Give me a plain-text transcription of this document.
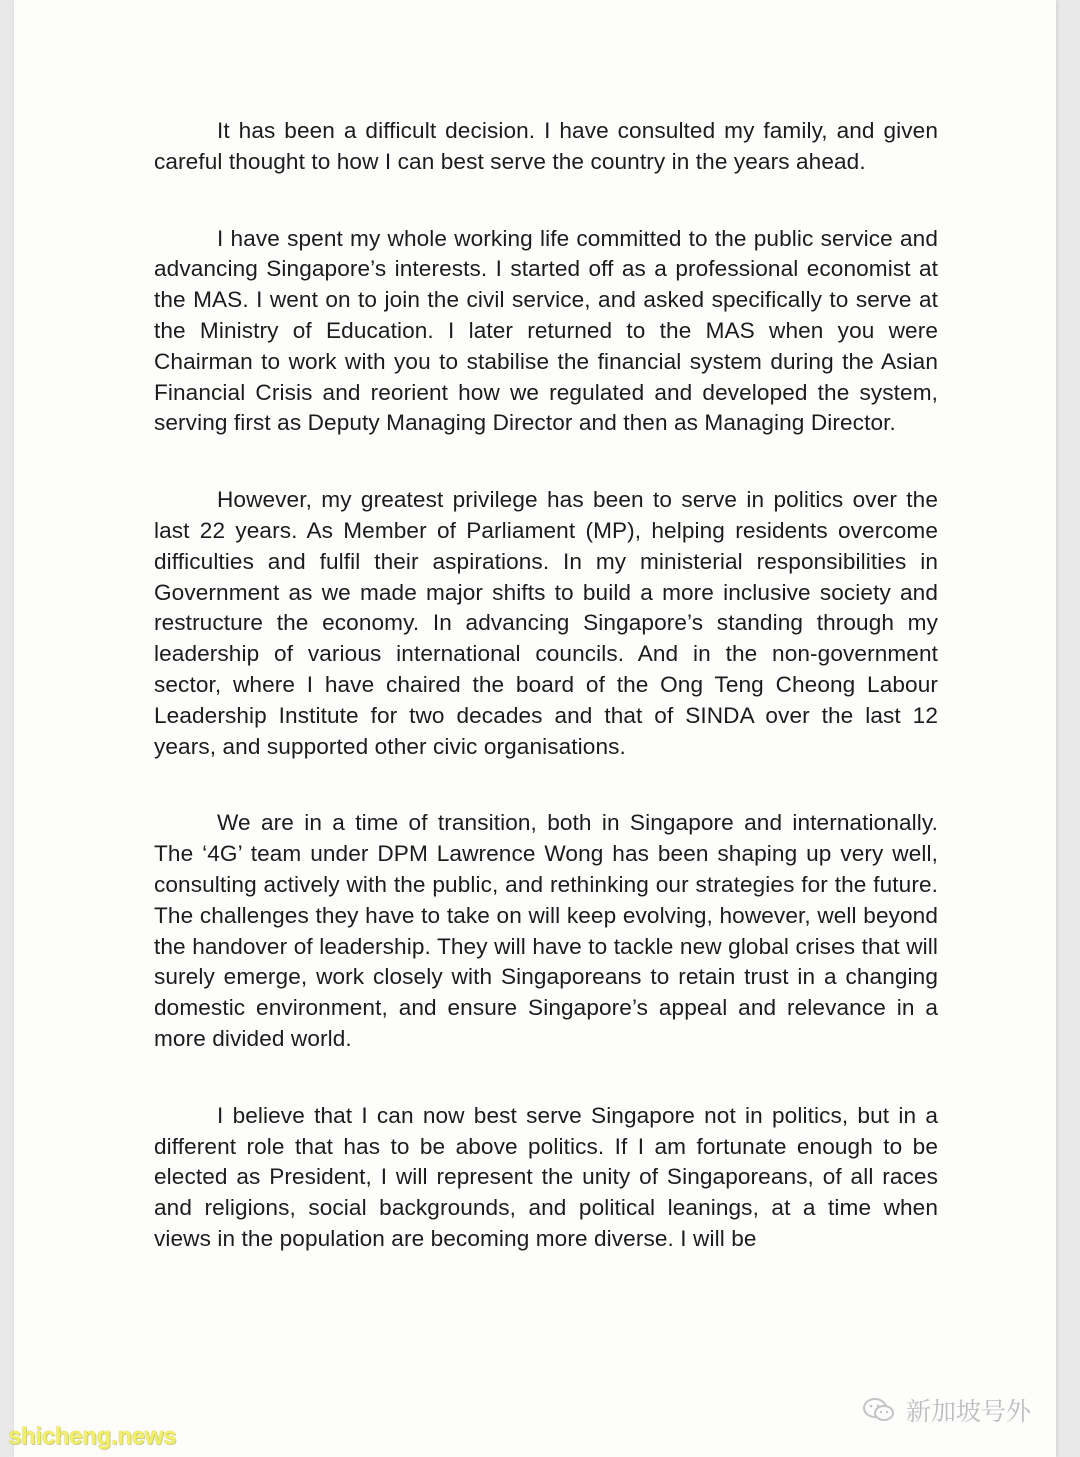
It has been a difficult decision. I have consulted my family, and given careful thought to how I can best serve the country in the years ahead.

I have spent my whole working life committed to the public service and advancing Singapore’s interests. I started off as a professional economist at the MAS. I went on to join the civil service, and asked specifically to serve at the Ministry of Education. I later returned to the MAS when you were Chairman to work with you to stabilise the financial system during the Asian Financial Crisis and reorient how we regulated and developed the system, serving first as Deputy Managing Director and then as Managing Director.

However, my greatest privilege has been to serve in politics over the last 22 years. As Member of Parliament (MP), helping residents overcome difficulties and fulfil their aspirations. In my ministerial responsibilities in Government as we made major shifts to build a more inclusive society and restructure the economy. In advancing Singapore’s standing through my leadership of various international councils. And in the non-government sector, where I have chaired the board of the Ong Teng Cheong Labour Leadership Institute for two decades and that of SINDA over the last 12 years, and supported other civic organisations.

We are in a time of transition, both in Singapore and internationally. The ‘4G’ team under DPM Lawrence Wong has been shaping up very well, consulting actively with the public, and rethinking our strategies for the future. The challenges they have to take on will keep evolving, however, well beyond the handover of leadership. They will have to tackle new global crises that will surely emerge, work closely with Singaporeans to retain trust in a changing domestic environment, and ensure Singapore’s appeal and relevance in a more divided world.

I believe that I can now best serve Singapore not in politics, but in a different role that has to be above politics. If I am fortunate enough to be elected as President, I will represent the unity of Singaporeans, of all races and religions, social backgrounds, and political leanings, at a time when views in the population are becoming more diverse. I will be

新加坡号外
shicheng.news
